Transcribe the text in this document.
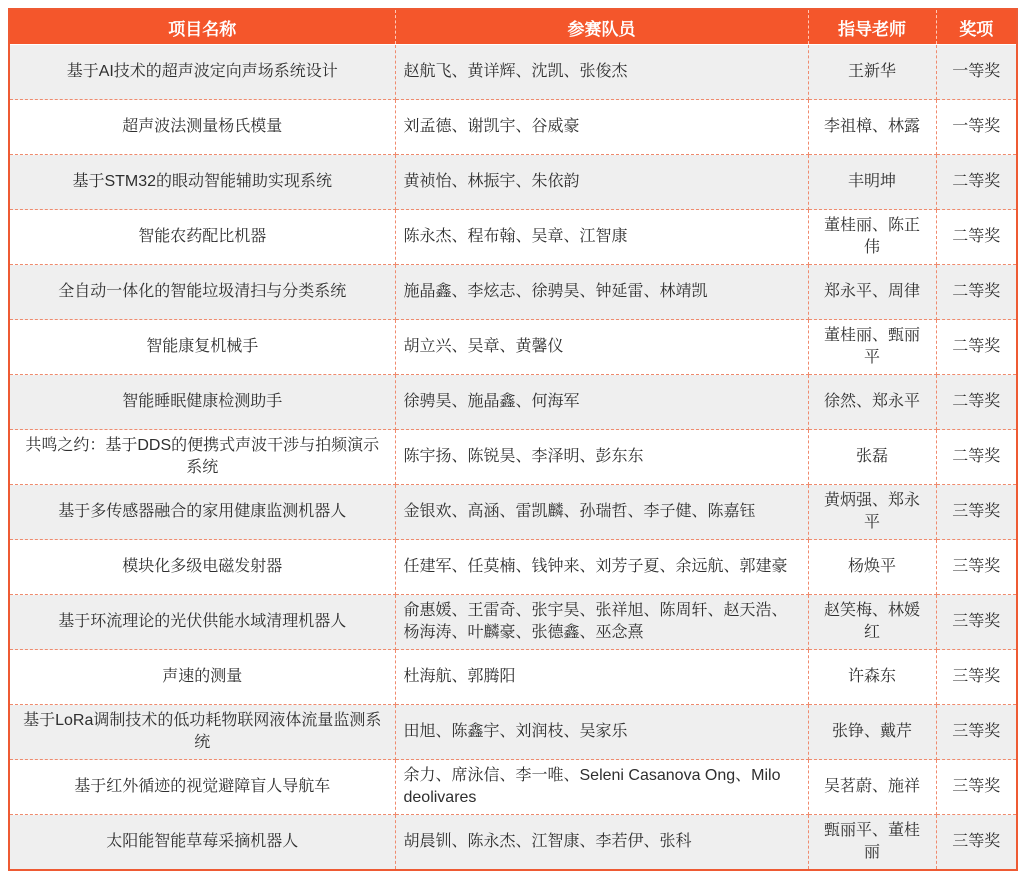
项目名称	参赛队员	指导老师	奖项
基于AI技术的超声波定向声场系统设计	赵航飞、黄详辉、沈凯、张俊杰	王新华	一等奖
超声波法测量杨氏模量	刘孟德、谢凯宇、谷威豪	李祖樟、林露	一等奖
基于STM32的眼动智能辅助实现系统	黄祯怡、林振宇、朱依韵	丰明坤	二等奖
智能农药配比机器	陈永杰、程布翰、吴章、江智康	董桂丽、陈正伟	二等奖
全自动一体化的智能垃圾清扫与分类系统	施晶鑫、李炫志、徐骋昊、钟延雷、林靖凯	郑永平、周律	二等奖
智能康复机械手	胡立兴、吴章、黄馨仪	董桂丽、甄丽平	二等奖
智能睡眠健康检测助手	徐骋昊、施晶鑫、何海军	徐然、郑永平	二等奖
共鸣之约：基于DDS的便携式声波干涉与拍频演示系统	陈宇扬、陈锐昊、李泽明、彭东东	张磊	二等奖
基于多传感器融合的家用健康监测机器人	金银欢、高涵、雷凯麟、孙瑞哲、李子健、陈嘉钰	黄炳强、郑永平	三等奖
模块化多级电磁发射器	任建军、任莫楠、钱钟来、刘芳子夏、余远航、郭建豪	杨焕平	三等奖
基于环流理论的光伏供能水域清理机器人	俞惠媛、王雷奇、张宇昊、张祥旭、陈周轩、赵天浩、杨海涛、叶麟豪、张德鑫、巫念熹	赵笑梅、林媛红	三等奖
声速的测量	杜海航、郭腾阳	许森东	三等奖
基于LoRa调制技术的低功耗物联网液体流量监测系统	田旭、陈鑫宇、刘润枝、吴家乐	张铮、戴芹	三等奖
基于红外循迹的视觉避障盲人导航车	余力、席泳信、李一唯、Seleni Casanova Ong、Milo deolivares	吴茗蔚、施祥	三等奖
太阳能智能草莓采摘机器人	胡晨钏、陈永杰、江智康、李若伊、张科	甄丽平、董桂丽	三等奖
